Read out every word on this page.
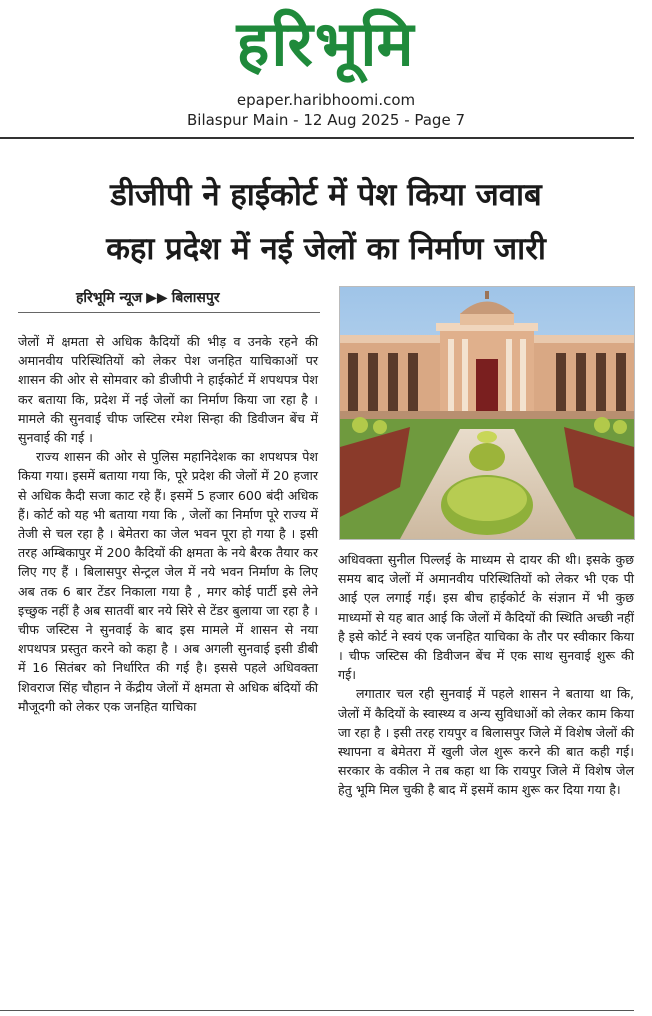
हरिभूमि
epaper.haribhoomi.com
Bilaspur Main - 12 Aug 2025 - Page 7
डीजीपी ने हाईकोर्ट में पेश किया जवाब
कहा प्रदेश में नई जेलों का निर्माण जारी
हरिभूमि न्यूज ▶▶ बिलासपुर

जेलों में क्षमता से अधिक कैदियों की भीड़ व उनके रहने की अमानवीय परिस्थितियों को लेकर पेश जनहित याचिकाओं पर शासन की ओर से सोमवार को डीजीपी ने हाईकोर्ट में शपथपत्र पेश कर बताया कि, प्रदेश में नई जेलों का निर्माण किया जा रहा है । मामले की सुनवाई चीफ जस्टिस रमेश सिन्हा की डिवीजन बेंच में सुनवाई की गई ।

राज्य शासन की ओर से पुलिस महानिदेशक का शपथपत्र पेश किया गया। इसमें बताया गया कि, पूरे प्रदेश की जेलों में 20 हजार से अधिक कैदी सजा काट रहे हैं। इसमें 5 हजार 600 बंदी अधिक हैं। कोर्ट को यह भी बताया गया कि , जेलों का निर्माण पूरे राज्य में तेजी से चल रहा है । बेमेतरा का जेल भवन पूरा हो गया है । इसी तरह अम्बिकापुर में 200 कैदियों की क्षमता के नये बैरक तैयार कर लिए गए हैं । बिलासपुर सेन्ट्रल जेल में नये भवन निर्माण के लिए अब तक 6 बार टेंडर निकाला गया है , मगर कोई पार्टी इसे लेने इच्छुक नहीं है अब सातवीं बार नये सिरे से टेंडर बुलाया जा रहा है । चीफ जस्टिस ने सुनवाई के बाद इस मामले में शासन से नया शपथपत्र प्रस्तुत करने को कहा है । अब अगली सुनवाई इसी डीबी में 16 सितंबर को निर्धारित की गई है। इससे पहले अधिवक्ता शिवराज सिंह चौहान ने केंद्रीय जेलों में क्षमता से अधिक बंदियों की मौजूदगी को लेकर एक जनहित याचिका

अधिवक्ता सुनील पिल्लई के माध्यम से दायर की थी। इसके कुछ समय बाद जेलों में अमानवीय परिस्थितियों को लेकर भी एक पी आई एल लगाई गई। इस बीच हाईकोर्ट के संज्ञान में भी कुछ माध्यमों से यह बात आई कि जेलों में कैदियों की स्थिति अच्छी नहीं है इसे कोर्ट ने स्वयं एक जनहित याचिका के तौर पर स्वीकार किया । चीफ जस्टिस की डिवीजन बेंच में एक साथ सुनवाई शुरू की गई।

लगातार चल रही सुनवाई में पहले शासन ने बताया था कि, जेलों में कैदियों के स्वास्थ्य व अन्य सुविधाओं को लेकर काम किया जा रहा है । इसी तरह रायपुर व बिलासपुर जिले में विशेष जेलों की स्थापना व बेमेतरा में खुली जेल शुरू करने की बात कही गई। सरकार के वकील ने तब कहा था कि रायपुर जिले में विशेष जेल हेतु भूमि मिल चुकी है बाद में इसमें काम शुरू कर दिया गया है।
